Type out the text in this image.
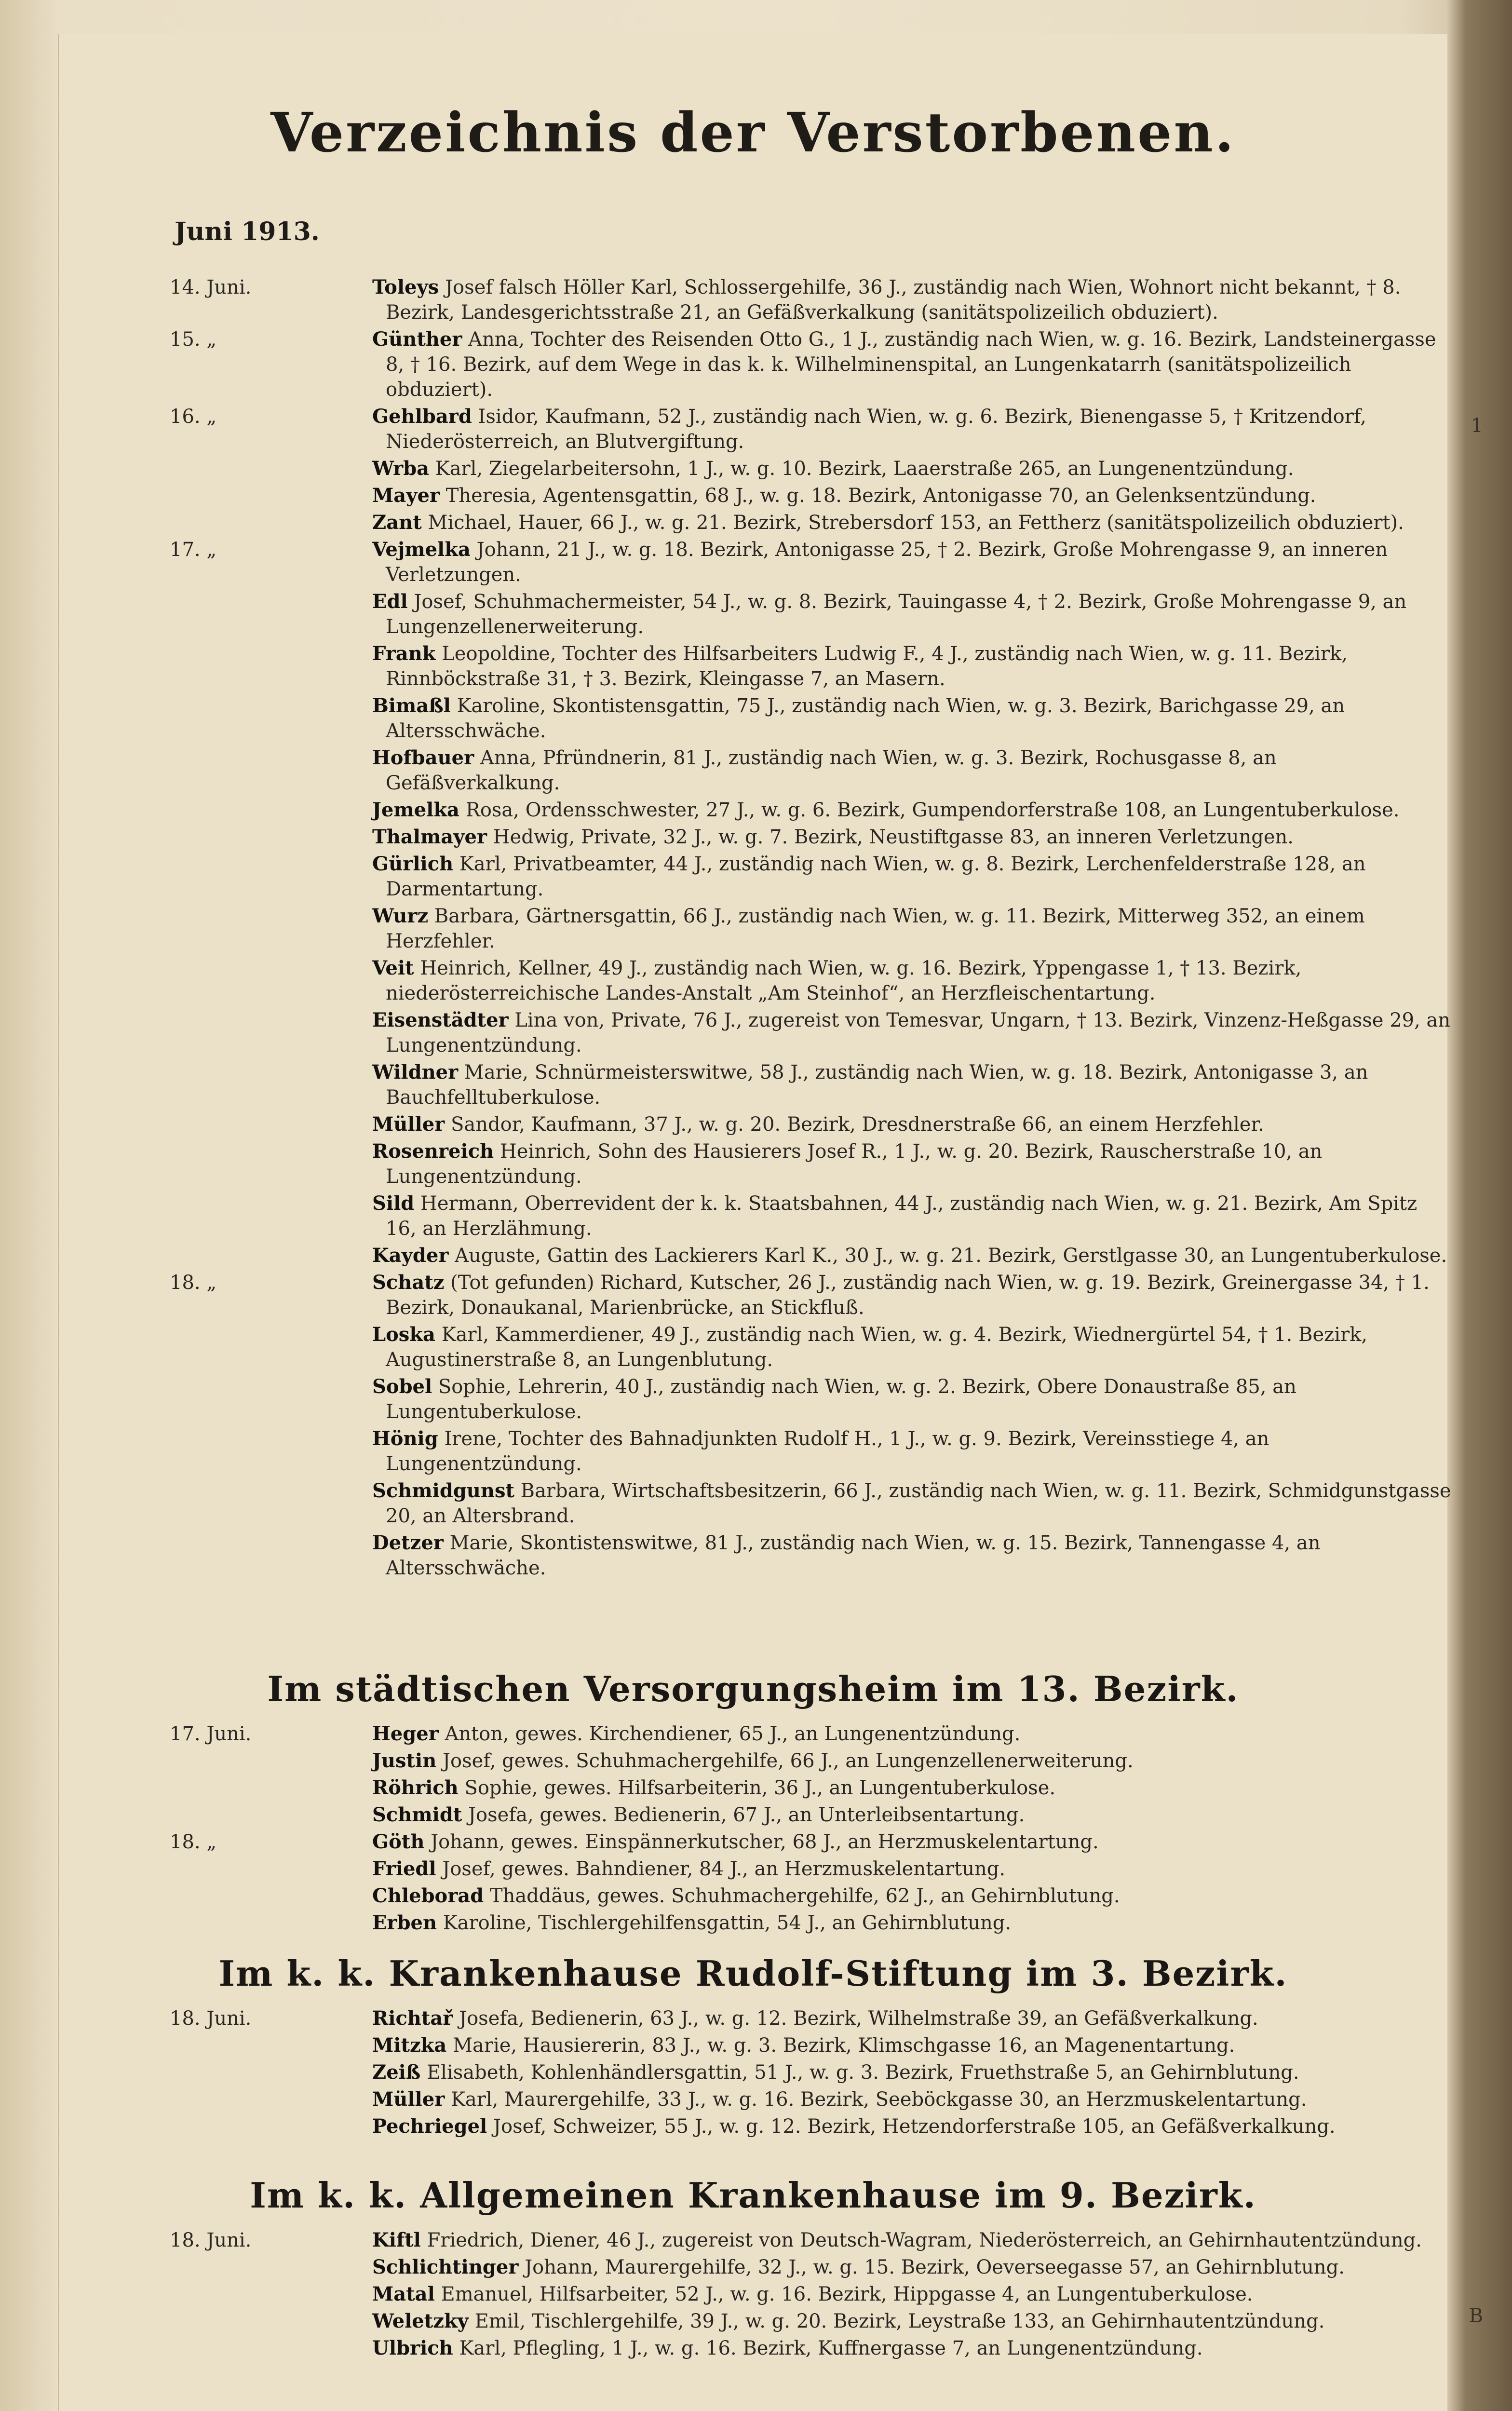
Verzeichnis der Verstorbenen.
Juni 1913.
14. Juni.	Toleys Josef falsch Höller Karl, Schlossergehilfe, 36 J., zuständig nach Wien, Wohnort nicht bekannt, † 8. Bezirk, Landesgerichtsstraße 21, an Gefäßverkalkung (sanitätspolizeilich obduziert).
15. „	Günther Anna, Tochter des Reisenden Otto G., 1 J., zuständig nach Wien, w. g. 16. Bezirk, Landsteinergasse 8, † 16. Bezirk, auf dem Wege in das k. k. Wilhelminenspital, an Lungenkatarrh (sanitätspolizeilich obduziert).
16. „	Gehlbard Isidor, Kaufmann, 52 J., zuständig nach Wien, w. g. 6. Bezirk, Bienengasse 5, † Kritzendorf, Niederösterreich, an Blutvergiftung.
Wrba Karl, Ziegelarbeitersohn, 1 J., w. g. 10. Bezirk, Laaerstraße 265, an Lungenentzündung.
Mayer Theresia, Agentensgattin, 68 J., w. g. 18. Bezirk, Antonigasse 70, an Gelenksentzündung.
Zant Michael, Hauer, 66 J., w. g. 21. Bezirk, Strebersdorf 153, an Fettherz (sanitätspolizeilich obduziert).
17. „	Vejmelka Johann, 21 J., w. g. 18. Bezirk, Antonigasse 25, † 2. Bezirk, Große Mohrengasse 9, an inneren Verletzungen.
Edl Josef, Schuhmachermeister, 54 J., w. g. 8. Bezirk, Tauingasse 4, † 2. Bezirk, Große Mohrengasse 9, an Lungenzellenerweiterung.
Frank Leopoldine, Tochter des Hilfsarbeiters Ludwig F., 4 J., zuständig nach Wien, w. g. 11. Bezirk, Rinnböckstraße 31, † 3. Bezirk, Kleingasse 7, an Masern.
Bimaßl Karoline, Skontistensgattin, 75 J., zuständig nach Wien, w. g. 3. Bezirk, Barichgasse 29, an Altersschwäche.
Hofbauer Anna, Pfründnerin, 81 J., zuständig nach Wien, w. g. 3. Bezirk, Rochusgasse 8, an Gefäßverkalkung.
Jemelka Rosa, Ordensschwester, 27 J., w. g. 6. Bezirk, Gumpendorferstraße 108, an Lungentuberkulose.
Thalmayer Hedwig, Private, 32 J., w. g. 7. Bezirk, Neustiftgasse 83, an inneren Verletzungen.
Gürlich Karl, Privatbeamter, 44 J., zuständig nach Wien, w. g. 8. Bezirk, Lerchenfelderstraße 128, an Darmentartung.
Wurz Barbara, Gärtnersgattin, 66 J., zuständig nach Wien, w. g. 11. Bezirk, Mitterweg 352, an einem Herzfehler.
Veit Heinrich, Kellner, 49 J., zuständig nach Wien, w. g. 16. Bezirk, Yppengasse 1, † 13. Bezirk, niederösterreichische Landes-Anstalt „Am Steinhof“, an Herzfleischentartung.
Eisenstädter Lina von, Private, 76 J., zugereist von Temesvar, Ungarn, † 13. Bezirk, Vinzenz-Heßgasse 29, an Lungenentzündung.
Wildner Marie, Schnürmeisterswitwe, 58 J., zuständig nach Wien, w. g. 18. Bezirk, Antonigasse 3, an Bauchfelltuberkulose.
Müller Sandor, Kaufmann, 37 J., w. g. 20. Bezirk, Dresdnerstraße 66, an einem Herzfehler.
Rosenreich Heinrich, Sohn des Hausierers Josef R., 1 J., w. g. 20. Bezirk, Rauscherstraße 10, an Lungenentzündung.
Sild Hermann, Oberrevident der k. k. Staatsbahnen, 44 J., zuständig nach Wien, w. g. 21. Bezirk, Am Spitz 16, an Herzlähmung.
Kayder Auguste, Gattin des Lackierers Karl K., 30 J., w. g. 21. Bezirk, Gerstlgasse 30, an Lungentuberkulose.
18. „	Schatz (Tot gefunden) Richard, Kutscher, 26 J., zuständig nach Wien, w. g. 19. Bezirk, Greinergasse 34, † 1. Bezirk, Donaukanal, Marienbrücke, an Stickfluß.
Loska Karl, Kammerdiener, 49 J., zuständig nach Wien, w. g. 4. Bezirk, Wiednergürtel 54, † 1. Bezirk, Augustinerstraße 8, an Lungenblutung.
Sobel Sophie, Lehrerin, 40 J., zuständig nach Wien, w. g. 2. Bezirk, Obere Donaustraße 85, an Lungentuberkulose.
Hönig Irene, Tochter des Bahnadjunkten Rudolf H., 1 J., w. g. 9. Bezirk, Vereinsstiege 4, an Lungenentzündung.
Schmidgunst Barbara, Wirtschaftsbesitzerin, 66 J., zuständig nach Wien, w. g. 11. Bezirk, Schmidgunstgasse 20, an Altersbrand.
Detzer Marie, Skontistenswitwe, 81 J., zuständig nach Wien, w. g. 15. Bezirk, Tannengasse 4, an Altersschwäche.
Im städtischen Versorgungsheim im 13. Bezirk.
17. Juni.	Heger Anton, gewes. Kirchendiener, 65 J., an Lungenentzündung.
Justin Josef, gewes. Schuhmachergehilfe, 66 J., an Lungenzellenerweiterung.
Röhrich Sophie, gewes. Hilfsarbeiterin, 36 J., an Lungentuberkulose.
Schmidt Josefa, gewes. Bedienerin, 67 J., an Unterleibsentartung.
18. „	Göth Johann, gewes. Einspännerkutscher, 68 J., an Herzmuskelentartung.
Friedl Josef, gewes. Bahndiener, 84 J., an Herzmuskelentartung.
Chleborad Thaddäus, gewes. Schuhmachergehilfe, 62 J., an Gehirnblutung.
Erben Karoline, Tischlergehilfensgattin, 54 J., an Gehirnblutung.
Im k. k. Krankenhause Rudolf-Stiftung im 3. Bezirk.
18. Juni.	Richtař Josefa, Bedienerin, 63 J., w. g. 12. Bezirk, Wilhelmstraße 39, an Gefäßverkalkung.
Mitzka Marie, Hausiererin, 83 J., w. g. 3. Bezirk, Klimschgasse 16, an Magenentartung.
Zeiß Elisabeth, Kohlenhändlersgattin, 51 J., w. g. 3. Bezirk, Fruethstraße 5, an Gehirnblutung.
Müller Karl, Maurergehilfe, 33 J., w. g. 16. Bezirk, Seeböckgasse 30, an Herzmuskelentartung.
Pechriegel Josef, Schweizer, 55 J., w. g. 12. Bezirk, Hetzendorferstraße 105, an Gefäßverkalkung.
Im k. k. Allgemeinen Krankenhause im 9. Bezirk.
18. Juni.	Kiftl Friedrich, Diener, 46 J., zugereist von Deutsch-Wagram, Niederösterreich, an Gehirnhautentzündung.
Schlichtinger Johann, Maurergehilfe, 32 J., w. g. 15. Bezirk, Oeverseegasse 57, an Gehirnblutung.
Matal Emanuel, Hilfsarbeiter, 52 J., w. g. 16. Bezirk, Hippgasse 4, an Lungentuberkulose.
Weletzky Emil, Tischlergehilfe, 39 J., w. g. 20. Bezirk, Leystraße 133, an Gehirnhautentzündung.
Ulbrich Karl, Pflegling, 1 J., w. g. 16. Bezirk, Kuffnergasse 7, an Lungenentzündung.
1
B
